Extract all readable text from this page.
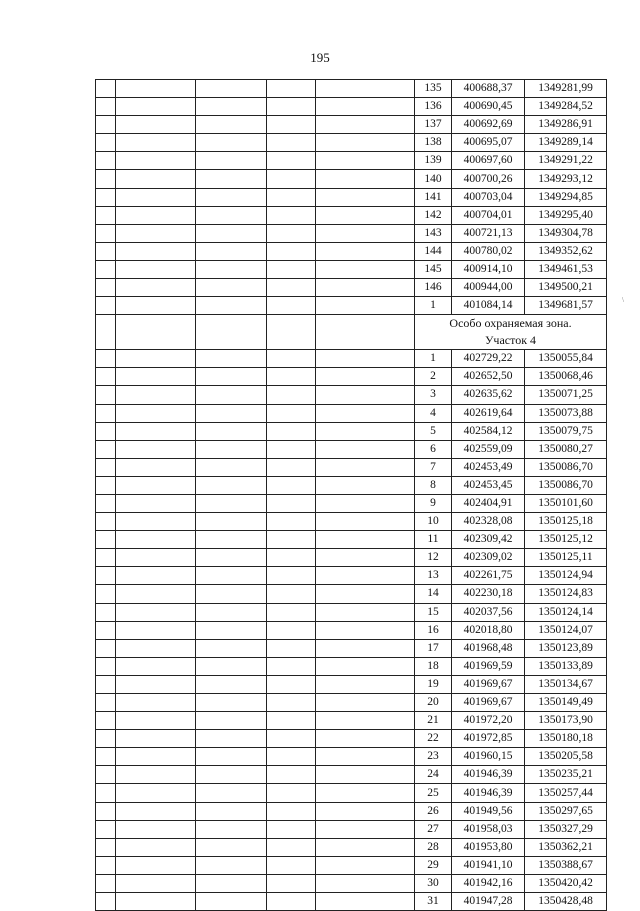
195
					135	400688,37	1349281,99
					136	400690,45	1349284,52
					137	400692,69	1349286,91
					138	400695,07	1349289,14
					139	400697,60	1349291,22
					140	400700,26	1349293,12
					141	400703,04	1349294,85
					142	400704,01	1349295,40
					143	400721,13	1349304,78
					144	400780,02	1349352,62
					145	400914,10	1349461,53
					146	400944,00	1349500,21
					1	401084,14	1349681,57

					Особо охраняемая зона.
Участок 4		

					1	402729,22	1350055,84
					2	402652,50	1350068,46
					3	402635,62	1350071,25
					4	402619,64	1350073,88
					5	402584,12	1350079,75
					6	402559,09	1350080,27
					7	402453,49	1350086,70
					8	402453,45	1350086,70
					9	402404,91	1350101,60
					10	402328,08	1350125,18
					11	402309,42	1350125,12
					12	402309,02	1350125,11
					13	402261,75	1350124,94
					14	402230,18	1350124,83
					15	402037,56	1350124,14
					16	402018,80	1350124,07
					17	401968,48	1350123,89
					18	401969,59	1350133,89
					19	401969,67	1350134,67
					20	401969,67	1350149,49
					21	401972,20	1350173,90
					22	401972,85	1350180,18
					23	401960,15	1350205,58
					24	401946,39	1350235,21
					25	401946,39	1350257,44
					26	401949,56	1350297,65
					27	401958,03	1350327,29
					28	401953,80	1350362,21
					29	401941,10	1350388,67
					30	401942,16	1350420,42
					31	401947,28	1350428,48
\
